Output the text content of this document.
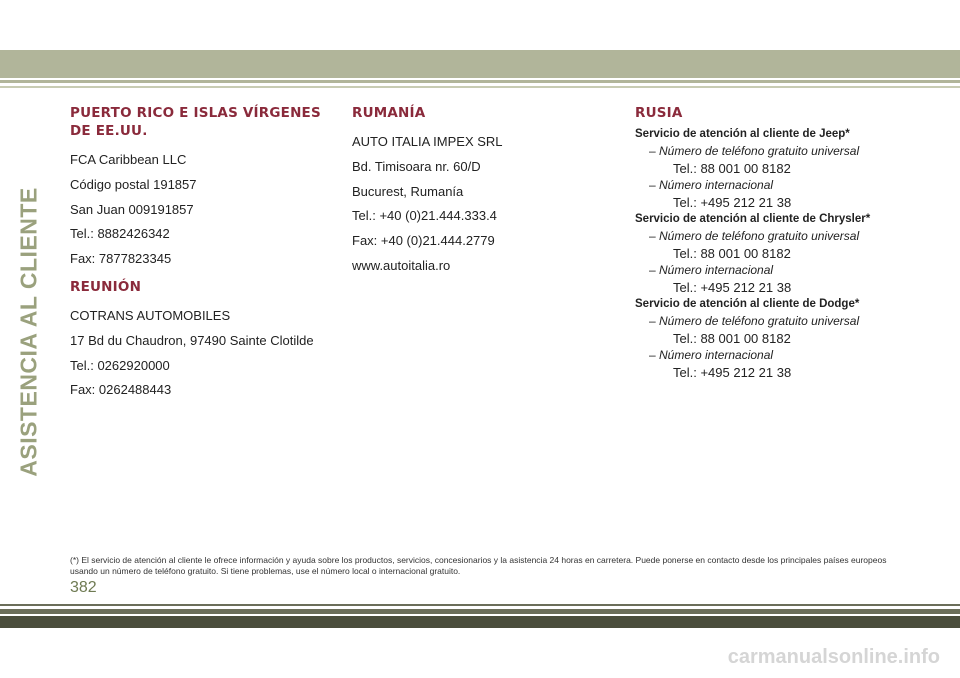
ASISTENCIA AL CLIENTE
PUERTO RICO E ISLAS VÍRGENES DE EE.UU.
FCA Caribbean LLC
Código postal 191857
San Juan 009191857
Tel.: 8882426342
Fax: 7877823345
REUNIÓN
COTRANS AUTOMOBILES
17 Bd du Chaudron, 97490 Sainte Clotilde
Tel.: 0262920000
Fax: 0262488443
RUMANÍA
AUTO ITALIA IMPEX SRL
Bd. Timisoara nr. 60/D
Bucurest, Rumanía
Tel.: +40 (0)21.444.333.4
Fax: +40 (0)21.444.2779
www.autoitalia.ro
RUSIA
Servicio de atención al cliente de Jeep*
– Número de teléfono gratuito universal
Tel.: 88 001 00 8182
– Número internacional
Tel.: +495 212 21 38
Servicio de atención al cliente de Chrysler*
– Número de teléfono gratuito universal
Tel.: 88 001 00 8182
– Número internacional
Tel.: +495 212 21 38
Servicio de atención al cliente de Dodge*
– Número de teléfono gratuito universal
Tel.: 88 001 00 8182
– Número internacional
Tel.: +495 212 21 38
(*) El servicio de atención al cliente le ofrece información y ayuda sobre los productos, servicios, concesionarios y la asistencia 24 horas en carretera. Puede ponerse en contacto desde los principales países europeos usando un número de teléfono gratuito. Si tiene problemas, use el número local o internacional gratuito.
382
carmanualsonline.info
